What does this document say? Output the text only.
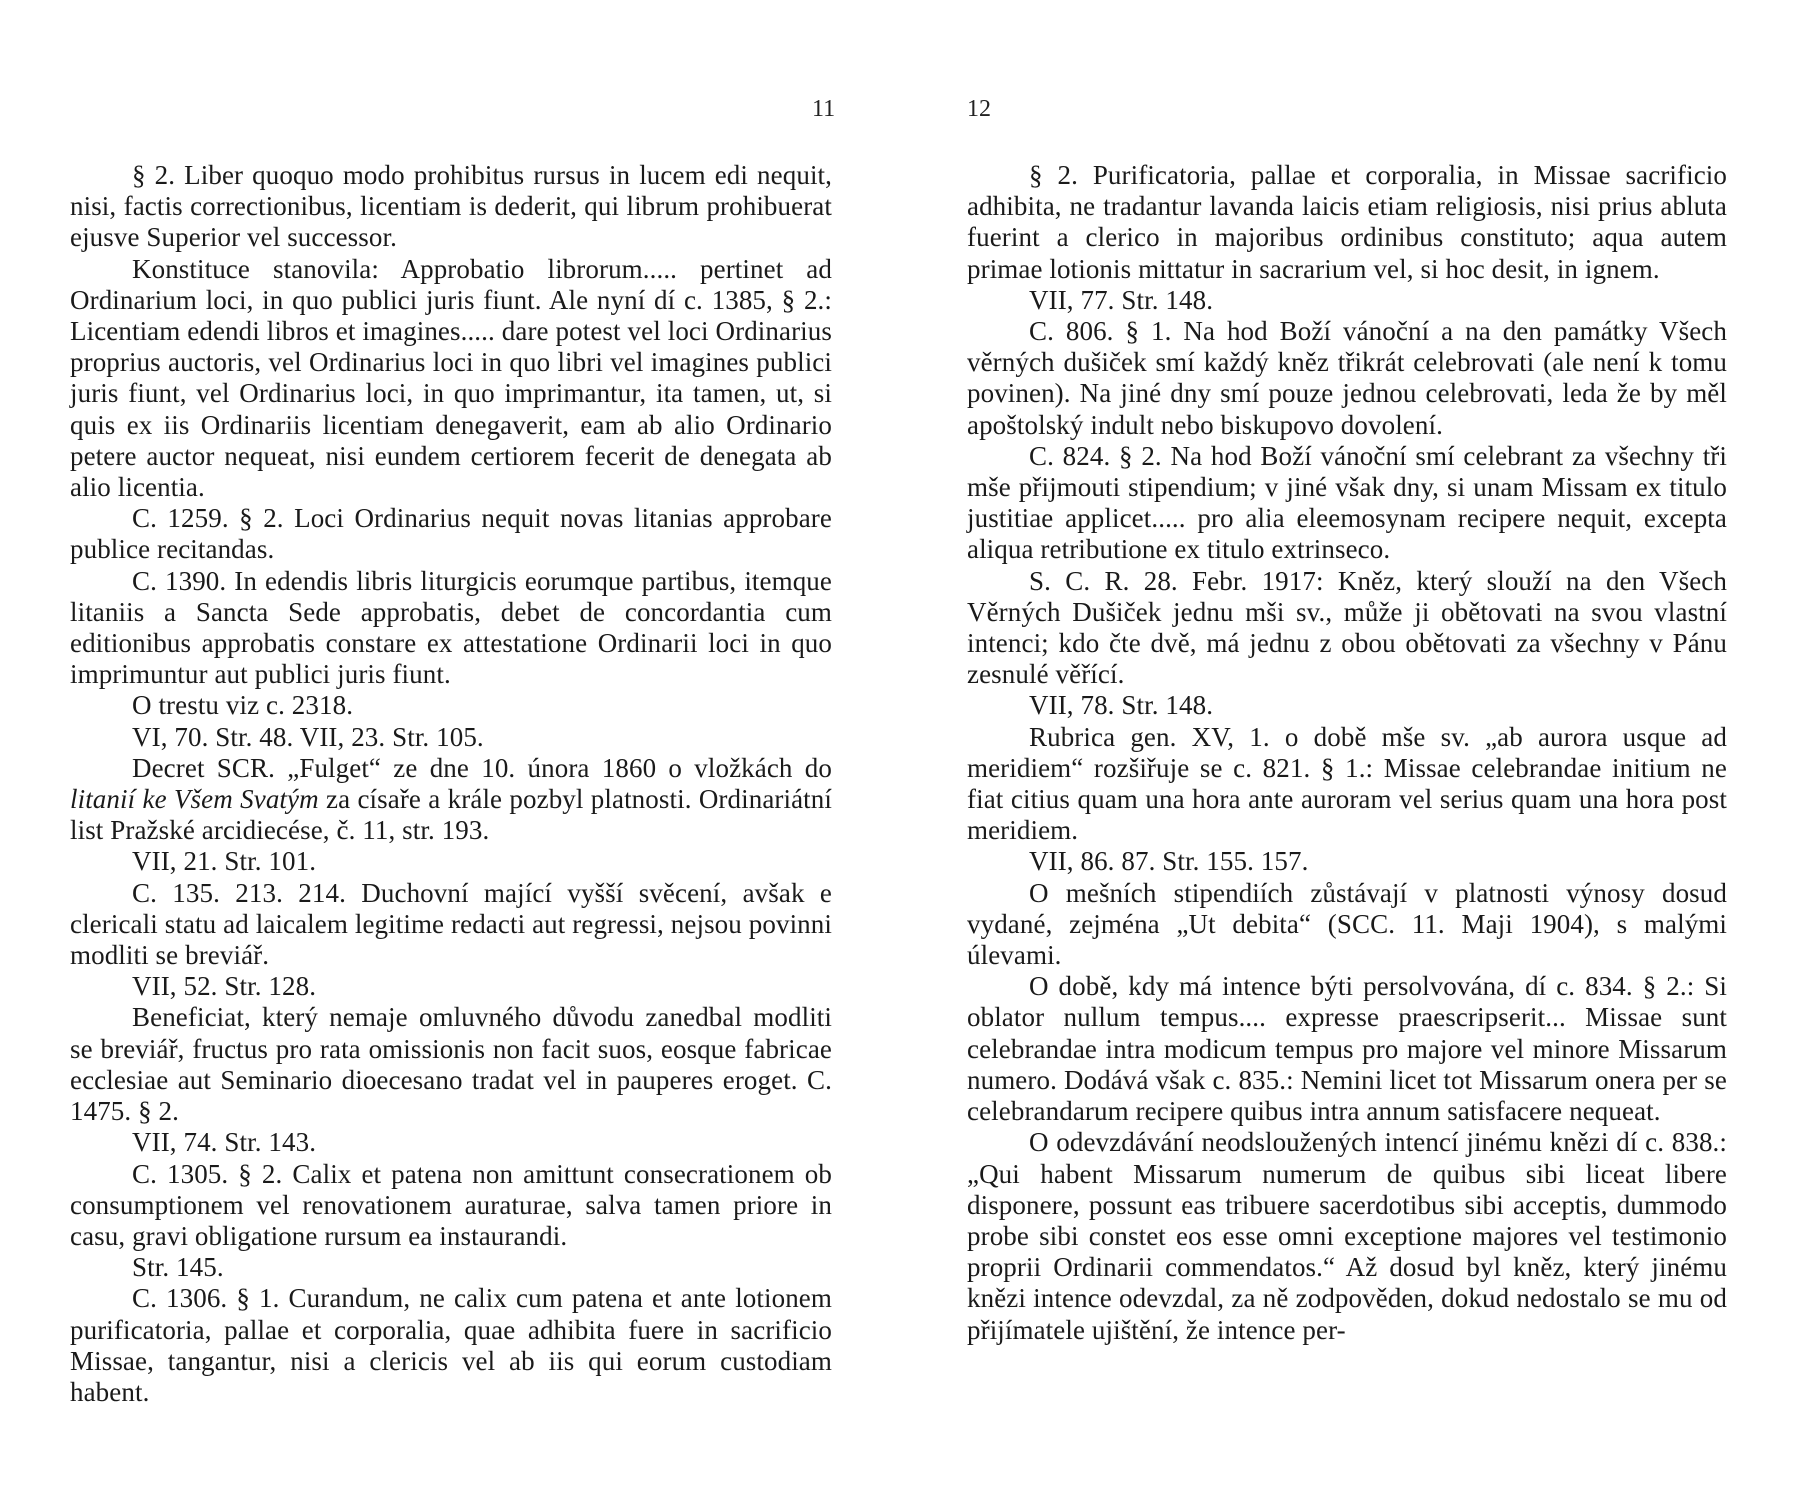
11

§ 2. Liber quoquo modo prohibitus rursus in lucem edi nequit, nisi, factis correctionibus, licentiam is dederit, qui librum prohibuerat ejusve Superior vel successor.

Konstituce stanovila: Approbatio librorum..... pertinet ad Ordinarium loci, in quo publici juris fiunt. Ale nyní dí c. 1385, § 2.: Licentiam edendi libros et imagines..... dare potest vel loci Ordinarius proprius auctoris, vel Ordinarius loci in quo libri vel imagines publici juris fiunt, vel Ordinarius loci, in quo imprimantur, ita tamen, ut, si quis ex iis Ordinariis licentiam denegaverit, eam ab alio Ordinario petere auctor nequeat, nisi eundem certiorem fecerit de denegata ab alio licentia.

C. 1259. § 2. Loci Ordinarius nequit novas litanias approbare publice recitandas.

C. 1390. In edendis libris liturgicis eorumque partibus, itemque litaniis a Sancta Sede approbatis, debet de concordantia cum editionibus approbatis constare ex attestatione Ordinarii loci in quo imprimuntur aut publici juris fiunt.

O trestu viz c. 2318.

VI, 70. Str. 48. VII, 23. Str. 105.

Decret SCR. „Fulget“ ze dne 10. února 1860 o vložkách do litanií ke Všem Svatým za císaře a krále pozbyl platnosti. Ordinariátní list Pražské arcidiecése, č. 11, str. 193.

VII, 21. Str. 101.

C. 135. 213. 214. Duchovní mající vyšší svěcení, avšak e clericali statu ad laicalem legitime redacti aut regressi, nejsou povinni modliti se breviář.

VII, 52. Str. 128.

Beneficiat, který nemaje omluvného důvodu zanedbal modliti se breviář, fructus pro rata omissionis non facit suos, eosque fabricae ecclesiae aut Seminario dioecesano tradat vel in pauperes eroget. C. 1475. § 2.

VII, 74. Str. 143.

C. 1305. § 2. Calix et patena non amittunt consecrationem ob consumptionem vel renovationem auraturae, salva tamen priore in casu, gravi obligatione rursum ea instaurandi.

Str. 145.

C. 1306. § 1. Curandum, ne calix cum patena et ante lotionem purificatoria, pallae et corporalia, quae adhibita fuere in sacrificio Missae, tangantur, nisi a clericis vel ab iis qui eorum custodiam habent.

12

§ 2. Purificatoria, pallae et corporalia, in Missae sacrificio adhibita, ne tradantur lavanda laicis etiam religiosis, nisi prius abluta fuerint a clerico in majoribus ordinibus constituto; aqua autem primae lotionis mittatur in sacrarium vel, si hoc desit, in ignem.

VII, 77. Str. 148.

C. 806. § 1. Na hod Boží vánoční a na den památky Všech věrných dušiček smí každý kněz třikrát celebrovati (ale není k tomu povinen). Na jiné dny smí pouze jednou celebrovati, leda že by měl apoštolský indult nebo biskupovo dovolení.

C. 824. § 2. Na hod Boží vánoční smí celebrant za všechny tři mše přijmouti stipendium; v jiné však dny, si unam Missam ex titulo justitiae applicet..... pro alia eleemosynam recipere nequit, excepta aliqua retributione ex titulo extrinseco.

S. C. R. 28. Febr. 1917: Kněz, který slouží na den Všech Věrných Dušiček jednu mši sv., může ji obětovati na svou vlastní intenci; kdo čte dvě, má jednu z obou obětovati za všechny v Pánu zesnulé věřící.

VII, 78. Str. 148.

Rubrica gen. XV, 1. o době mše sv. „ab aurora usque ad meridiem“ rozšiřuje se c. 821. § 1.: Missae celebrandae initium ne fiat citius quam una hora ante auroram vel serius quam una hora post meridiem.

VII, 86. 87. Str. 155. 157.

O mešních stipendiích zůstávají v platnosti výnosy dosud vydané, zejména „Ut debita“ (SCC. 11. Maji 1904), s malými úlevami.

O době, kdy má intence býti persolvována, dí c. 834. § 2.: Si oblator nullum tempus.... expresse praescripserit... Missae sunt celebrandae intra modicum tempus pro majore vel minore Missarum numero. Dodává však c. 835.: Nemini licet tot Missarum onera per se celebrandarum recipere quibus intra annum satisfacere nequeat.

O odevzdávání neodsloužených intencí jinému knězi dí c. 838.: „Qui habent Missarum numerum de quibus sibi liceat libere disponere, possunt eas tribuere sacerdotibus sibi acceptis, dummodo probe sibi constet eos esse omni exceptione majores vel testimonio proprii Ordinarii commendatos.“ Až dosud byl kněz, který jinému knězi intence odevzdal, za ně zodpověden, dokud nedostalo se mu od přijímatele ujištění, že intence per-
